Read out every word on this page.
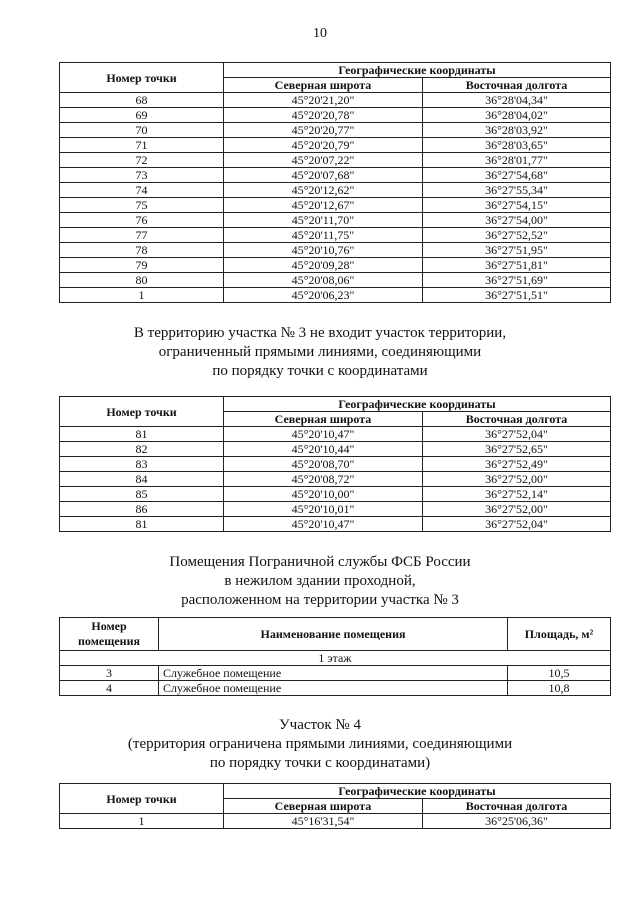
10
Номер точки	Географические координаты	
	Северная широта	Восточная долгота
68	45°20'21,20"	36°28'04,34"
69	45°20'20,78"	36°28'04,02"
70	45°20'20,77"	36°28'03,92"
71	45°20'20,79"	36°28'03,65"
72	45°20'07,22"	36°28'01,77"
73	45°20'07,68"	36°27'54,68"
74	45°20'12,62"	36°27'55,34"
75	45°20'12,67"	36°27'54,15"
76	45°20'11,70"	36°27'54,00"
77	45°20'11,75"	36°27'52,52"
78	45°20'10,76"	36°27'51,95"
79	45°20'09,28"	36°27'51,81"
80	45°20'08,06"	36°27'51,69"
1	45°20'06,23"	36°27'51,51"
В территорию участка № 3 не входит участок территории,
ограниченный прямыми линиями, соединяющими
по порядку точки с координатами
Номер точки	Географические координаты	
	Северная широта	Восточная долгота
81	45°20'10,47"	36°27'52,04"
82	45°20'10,44"	36°27'52,65"
83	45°20'08,70"	36°27'52,49"
84	45°20'08,72"	36°27'52,00"
85	45°20'10,00"	36°27'52,14"
86	45°20'10,01"	36°27'52,00"
81	45°20'10,47"	36°27'52,04"
Помещения Пограничной службы ФСБ России
в нежилом здании проходной,
расположенном на территории участка № 3
Номер помещения	Наименование помещения	Площадь, м²
1 этаж		
3	Служебное помещение	10,5
4	Служебное помещение	10,8
Участок № 4
(территория ограничена прямыми линиями, соединяющими
по порядку точки с координатами)
Номер точки	Географические координаты	
	Северная широта	Восточная долгота
1	45°16'31,54"	36°25'06,36"
